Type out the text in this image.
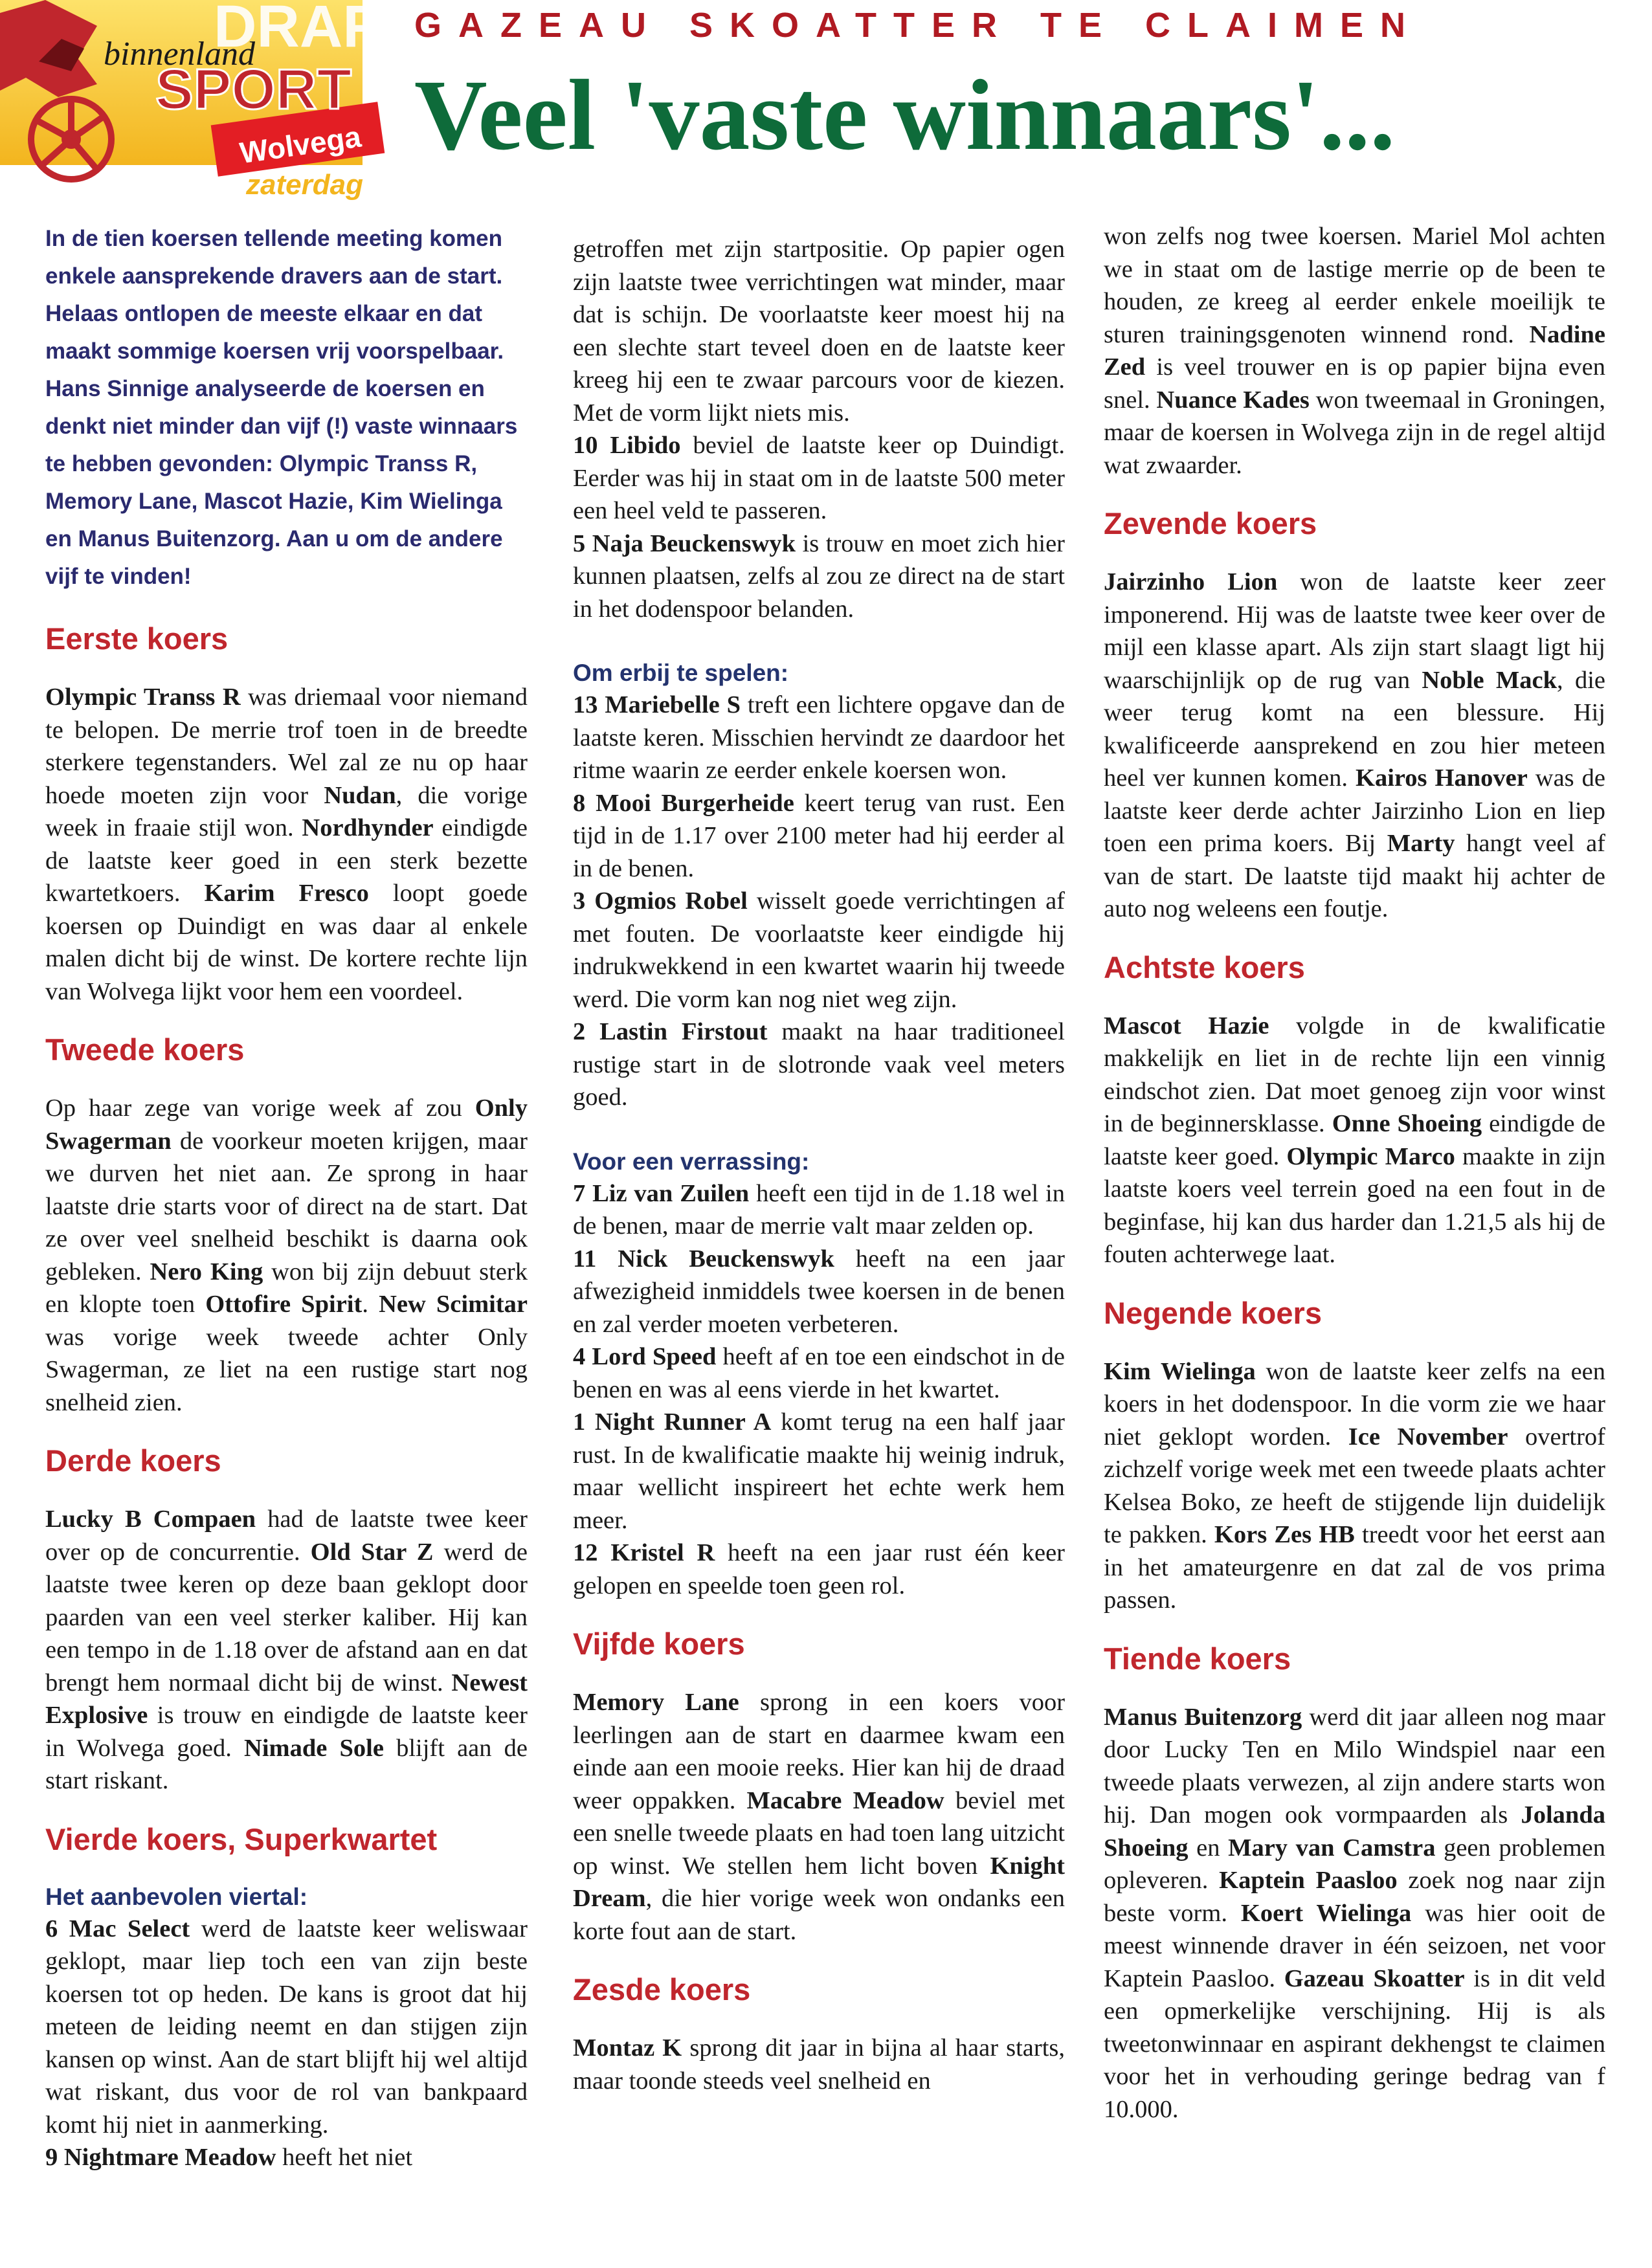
DRAF
binnenland
SPORT
Wolvega
zaterdag
GAZEAU SKOATTER TE CLAIMEN
Veel 'vaste winnaars'...
In de tien koersen tellende meeting komen enkele aansprekende dravers aan de start. Helaas ontlopen de meeste elkaar en dat maakt sommige koersen vrij voorspelbaar. Hans Sinnige analyseerde de koersen en denkt niet minder dan vijf (!) vaste winnaars te hebben gevonden: Olympic Transs R, Memory Lane, Mascot Hazie, Kim Wielinga en Manus Buitenzorg. Aan u om de andere vijf te vinden!
Eerste koers

Olympic Transs R was driemaal voor niemand te belopen. De merrie trof toen in de breedte sterkere tegenstanders. Wel zal ze nu op haar hoede moeten zijn voor Nudan, die vorige week in fraaie stijl won. Nordhynder eindigde de laatste keer goed in een sterk bezette kwartetkoers. Karim Fresco loopt goede koersen op Duindigt en was daar al enkele malen dicht bij de winst. De kortere rechte lijn van Wolvega lijkt voor hem een voordeel.

Tweede koers

Op haar zege van vorige week af zou Only Swagerman de voorkeur moeten krijgen, maar we durven het niet aan. Ze sprong in haar laatste drie starts voor of direct na de start. Dat ze over veel snelheid beschikt is daarna ook gebleken. Nero King won bij zijn debuut sterk en klopte toen Ottofire Spirit. New Scimitar was vorige week tweede achter Only Swagerman, ze liet na een rustige start nog snelheid zien.

Derde koers

Lucky B Compaen had de laatste twee keer over op de concurrentie. Old Star Z werd de laatste twee keren op deze baan geklopt door paarden van een veel sterker kaliber. Hij kan een tempo in de 1.18 over de afstand aan en dat brengt hem normaal dicht bij de winst. Newest Explosive is trouw en eindigde de laatste keer in Wolvega goed. Nimade Sole blijft aan de start riskant.

Vierde koers, Superkwartet
Het aanbevolen viertal:

6 Mac Select werd de laatste keer weliswaar geklopt, maar liep toch een van zijn beste koersen tot op heden. De kans is groot dat hij meteen de leiding neemt en dan stijgen zijn kansen op winst. Aan de start blijft hij wel altijd wat riskant, dus voor de rol van bankpaard komt hij niet in aanmerking.

9 Nightmare Meadow heeft het niet

getroffen met zijn startpositie. Op papier ogen zijn laatste twee verrichtingen wat minder, maar dat is schijn. De voorlaatste keer moest hij na een slechte start teveel doen en de laatste keer kreeg hij een te zwaar parcours voor de kiezen. Met de vorm lijkt niets mis.

10 Libido beviel de laatste keer op Duindigt. Eerder was hij in staat om in de laatste 500 meter een heel veld te passeren.

5 Naja Beuckenswyk is trouw en moet zich hier kunnen plaatsen, zelfs al zou ze direct na de start in het dodenspoor belanden.

Om erbij te spelen:

13 Mariebelle S treft een lichtere opgave dan de laatste keren. Misschien hervindt ze daardoor het ritme waarin ze eerder enkele koersen won.

8 Mooi Burgerheide keert terug van rust. Een tijd in de 1.17 over 2100 meter had hij eerder al in de benen.

3 Ogmios Robel wisselt goede verrichtingen af met fouten. De voorlaatste keer eindigde hij indrukwekkend in een kwartet waarin hij tweede werd. Die vorm kan nog niet weg zijn.

2 Lastin Firstout maakt na haar traditioneel rustige start in de slotronde vaak veel meters goed.

Voor een verrassing:

7 Liz van Zuilen heeft een tijd in de 1.18 wel in de benen, maar de merrie valt maar zelden op.

11 Nick Beuckenswyk heeft na een jaar afwezigheid inmiddels twee koersen in de benen en zal verder moeten verbeteren.

4 Lord Speed heeft af en toe een eindschot in de benen en was al eens vierde in het kwartet.

1 Night Runner A komt terug na een half jaar rust. In de kwalificatie maakte hij weinig indruk, maar wellicht inspireert het echte werk hem meer.

12 Kristel R heeft na een jaar rust één keer gelopen en speelde toen geen rol.

Vijfde koers

Memory Lane sprong in een koers voor leerlingen aan de start en daarmee kwam een einde aan een mooie reeks. Hier kan hij de draad weer oppakken. Macabre Meadow beviel met een snelle tweede plaats en had toen lang uitzicht op winst. We stellen hem licht boven Knight Dream, die hier vorige week won ondanks een korte fout aan de start.

Zesde koers

Montaz K sprong dit jaar in bijna al haar starts, maar toonde steeds veel snelheid en

won zelfs nog twee koersen. Mariel Mol achten we in staat om de lastige merrie op de been te houden, ze kreeg al eerder enkele moeilijk te sturen trainingsgenoten winnend rond. Nadine Zed is veel trouwer en is op papier bijna even snel. Nuance Kades won tweemaal in Groningen, maar de koersen in Wolvega zijn in de regel altijd wat zwaarder.

Zevende koers

Jairzinho Lion won de laatste keer zeer imponerend. Hij was de laatste twee keer over de mijl een klasse apart. Als zijn start slaagt ligt hij waarschijnlijk op de rug van Noble Mack, die weer terug komt na een blessure. Hij kwalificeerde aansprekend en zou hier meteen heel ver kunnen komen. Kairos Hanover was de laatste keer derde achter Jairzinho Lion en liep toen een prima koers. Bij Marty hangt veel af van de start. De laatste tijd maakt hij achter de auto nog weleens een foutje.

Achtste koers

Mascot Hazie volgde in de kwalificatie makkelijk en liet in de rechte lijn een vinnig eindschot zien. Dat moet genoeg zijn voor winst in de beginnersklasse. Onne Shoeing eindigde de laatste keer goed. Olympic Marco maakte in zijn laatste koers veel terrein goed na een fout in de beginfase, hij kan dus harder dan 1.21,5 als hij de fouten achterwege laat.

Negende koers

Kim Wielinga won de laatste keer zelfs na een koers in het dodenspoor. In die vorm zie we haar niet geklopt worden. Ice November overtrof zichzelf vorige week met een tweede plaats achter Kelsea Boko, ze heeft de stijgende lijn duidelijk te pakken. Kors Zes HB treedt voor het eerst aan in het amateurgenre en dat zal de vos prima passen.

Tiende koers

Manus Buitenzorg werd dit jaar alleen nog maar door Lucky Ten en Milo Windspiel naar een tweede plaats verwezen, al zijn andere starts won hij. Dan mogen ook vormpaarden als Jolanda Shoeing en Mary van Camstra geen problemen opleveren. Kaptein Paasloo zoek nog naar zijn beste vorm. Koert Wielinga was hier ooit de meest winnende draver in één seizoen, net voor Kaptein Paasloo. Gazeau Skoatter is in dit veld een opmerkelijke verschijning. Hij is als tweetonwinnaar en aspirant dekhengst te claimen voor het in verhouding geringe bedrag van f 10.000.
